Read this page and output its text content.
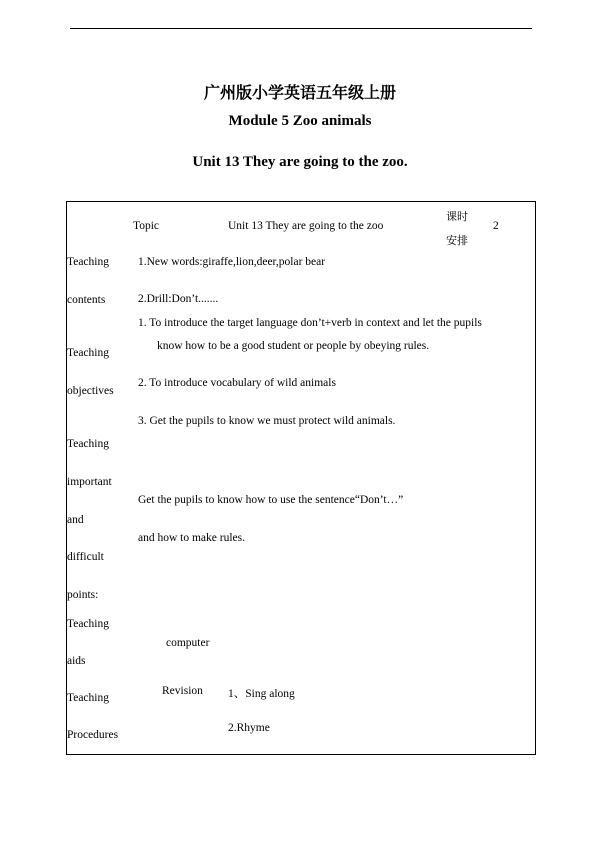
广州版小学英语五年级上册
Module 5 Zoo animals
Unit 13 They are going to the zoo.
Topic	Unit 13 They are going to the zoo
课时
安排
2
Teaching
contents
1.New words:giraffe,lion,deer,polar bear
2.Drill:Don’t.......
1. To introduce the target language don’t+verb in context and let the pupils
know how to be a good student or people by obeying rules.
Teaching
objectives
2. To introduce vocabulary of wild animals
3. Get the pupils to know we must protect wild animals.
Teaching
important
and
difficult
points:
Get the pupils to know how to use the sentence“Don’t…”
and how to make rules.
Teaching
aids
computer
Teaching
Procedures
Revision 1、Sing along
2.Rhyme
